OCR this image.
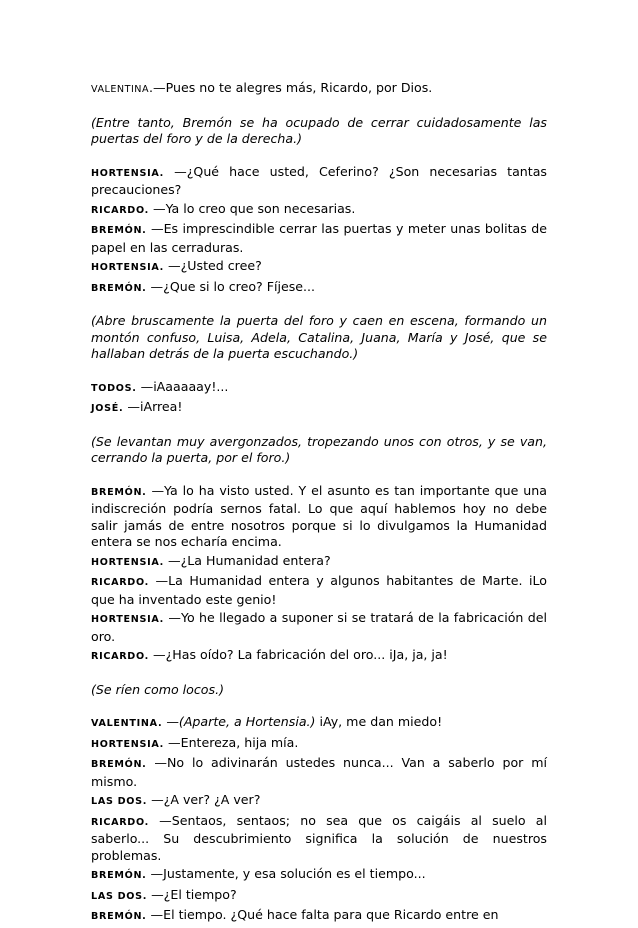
VALENTINA.—Pues no te alegres más, Ricardo, por Dios.

(Entre tanto, Bremón se ha ocupado de cerrar cuidadosamente las puertas del foro y de la derecha.)

HORTENSIA. —¿Qué hace usted, Ceferino? ¿Son necesarias tantas precauciones?

RICARDO. —Ya lo creo que son necesarias.

BREMÓN. —Es imprescindible cerrar las puertas y meter unas bolitas de papel en las cerraduras.

HORTENSIA. —¿Usted cree?

BREMÓN. —¿Que si lo creo? Fíjese...

(Abre bruscamente la puerta del foro y caen en escena, formando un montón confuso, Luisa, Adela, Catalina, Juana, María y José, que se hallaban detrás de la puerta escuchando.)

TODOS. —iAaaaaay!...

JOSÉ. —iArrea!

(Se levantan muy avergonzados, tropezando unos con otros, y se van, cerrando la puerta, por el foro.)

BREMÓN. —Ya lo ha visto usted. Y el asunto es tan importante que una indiscreción podría sernos fatal. Lo que aquí hablemos hoy no debe salir jamás de entre nosotros porque si lo divulgamos la Humanidad entera se nos echaría encima.

HORTENSIA. —¿La Humanidad entera?

RICARDO. —La Humanidad entera y algunos habitantes de Marte. iLo que ha inventado este genio!

HORTENSIA. —Yo he llegado a suponer si se tratará de la fabricación del oro.

RICARDO. —¿Has oído? La fabricación del oro... iJa, ja, ja!

(Se ríen como locos.)

VALENTINA. —(Aparte, a Hortensia.) iAy, me dan miedo!

HORTENSIA. —Entereza, hija mía.

BREMÓN. —No lo adivinarán ustedes nunca... Van a saberlo por mí mismo.

LAS DOS. —¿A ver? ¿A ver?

RICARDO. —Sentaos, sentaos; no sea que os caigáis al suelo al saberlo... Su descubrimiento significa la solución de nuestros problemas.

BREMÓN. —Justamente, y esa solución es el tiempo...

LAS DOS. —¿El tiempo?

BREMÓN. —El tiempo. ¿Qué hace falta para que Ricardo entre en
